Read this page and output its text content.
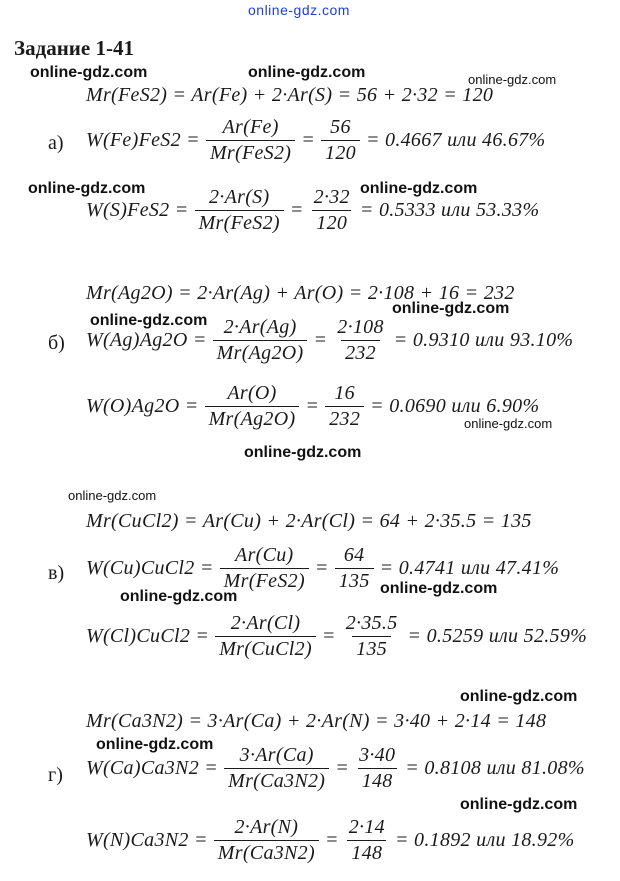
online-gdz.com
Задание 1-41
online-gdz.com	online-gdz.com	online-gdz.com
online-gdz.com	online-gdz.com
online-gdz.com
online-gdz.com
online-gdz.com
online-gdz.com
online-gdz.com
online-gdz.com	online-gdz.com
online-gdz.com
online-gdz.com
online-gdz.com
Mr(FeS2) = Ar(Fe) + 2·Ar(S) = 56 + 2·32 = 120
а) $W(Fe)FeS2 = \frac{Ar(Fe)}{\text{Mr(FeS2)}} = \frac{56}{120} = 0.4667$ или 46.67%
$W(S)FeS2 = \frac{2\cdot Ar(S)}{\text{Mr(FeS2)}} = \frac{2\cdot 32}{120} = 0.5333$ или 53.33%
Mr(Ag2O) = 2·Ar(Ag) + Ar(O) = 2·108 + 16 = 232
б) $W(Ag)Ag2O = \frac{2\cdot Ar(Ag)}{Mr(Ag2O)} = \frac{2\cdot 108}{232} = 0.9310$ или 93.10%
$W(O)Ag2O = \frac{Ar(O)}{Mr(Ag2O)} = \frac{16}{232} = 0.0690$ или 6.90%
Mr(CuCl2) = Ar(Cu) + 2·Ar(Cl) = 64 + 2·35.5 = 135
в) W(Cu)CuCl2 = $\frac{Ar(Cu)}{\text{Mr(FeS2)}} = \frac{64}{135} = 0.4741$ или 47.41%
W(Cl)CuCl2 = $\frac{2\cdot Ar(Cl)}{\text{Mr(CuCl2)}} = \frac{2\cdot 35.5}{135} = 0.5259$ или 52.59%
Mr(Ca3N2) = 3·Ar(Ca) + 2·Ar(N) = 3·40 + 2·14 = 148
г) $W(Ca)Ca3N2 = \frac{3\cdot Ar(Ca)}{Mr(Ca3N2)} = \frac{3\cdot 40}{148} = 0.8108$ или 81.08%
$W(N)Ca3N2 = \frac{2\cdot Ar(N)}{Mr(Ca3N2)} = \frac{2\cdot 14}{148} = 0.1892$ или 18.92%
